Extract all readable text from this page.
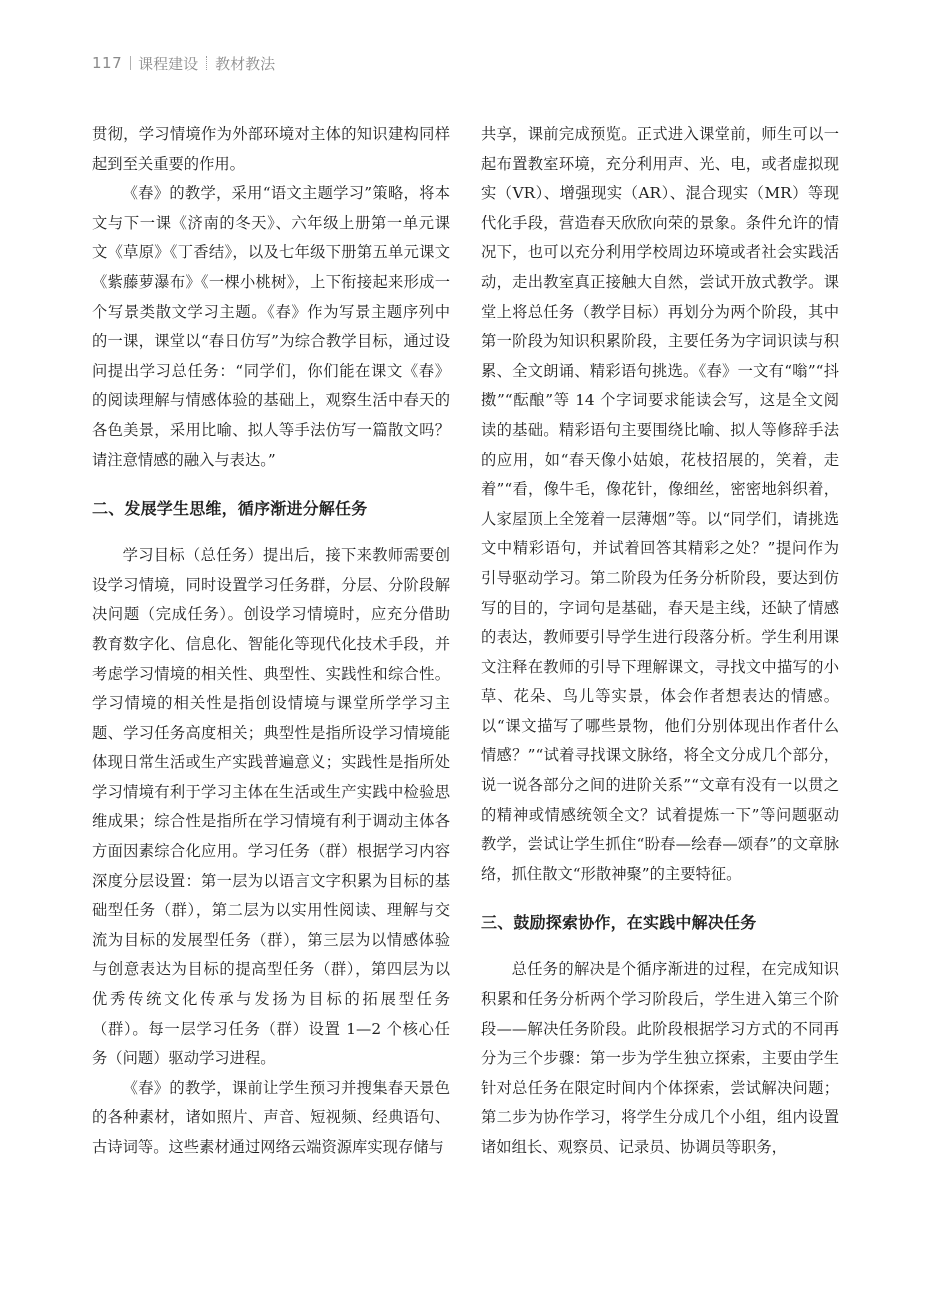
117 课程建设 教材教法

贯彻，学习情境作为外部环境对主体的知识建构同样起到至关重要的作用。

《春》的教学，采用“语文主题学习”策略，将本文与下一课《济南的冬天》、六年级上册第一单元课文《草原》《丁香结》，以及七年级下册第五单元课文《紫藤萝瀑布》《一棵小桃树》，上下衔接起来形成一个写景类散文学习主题。《春》作为写景主题序列中的一课，课堂以“春日仿写”为综合教学目标，通过设问提出学习总任务：“同学们，你们能在课文《春》的阅读理解与情感体验的基础上，观察生活中春天的各色美景，采用比喻、拟人等手法仿写一篇散文吗？请注意情感的融入与表达。”

二、发展学生思维，循序渐进分解任务

学习目标（总任务）提出后，接下来教师需要创设学习情境，同时设置学习任务群，分层、分阶段解决问题（完成任务）。创设学习情境时，应充分借助教育数字化、信息化、智能化等现代化技术手段，并考虑学习情境的相关性、典型性、实践性和综合性。学习情境的相关性是指创设情境与课堂所学学习主题、学习任务高度相关；典型性是指所设学习情境能体现日常生活或生产实践普遍意义；实践性是指所处学习情境有利于学习主体在生活或生产实践中检验思维成果；综合性是指所在学习情境有利于调动主体各方面因素综合化应用。学习任务（群）根据学习内容深度分层设置：第一层为以语言文字积累为目标的基础型任务（群），第二层为以实用性阅读、理解与交流为目标的发展型任务（群），第三层为以情感体验与创意表达为目标的提高型任务（群），第四层为以优秀传统文化传承与发扬为目标的拓展型任务（群）。每一层学习任务（群）设置 1—2 个核心任务（问题）驱动学习进程。

《春》的教学，课前让学生预习并搜集春天景色的各种素材，诸如照片、声音、短视频、经典语句、古诗词等。这些素材通过网络云端资源库实现存储与

共享，课前完成预览。正式进入课堂前，师生可以一起布置教室环境，充分利用声、光、电，或者虚拟现实（VR）、增强现实（AR）、混合现实（MR）等现代化手段，营造春天欣欣向荣的景象。条件允许的情况下，也可以充分利用学校周边环境或者社会实践活动，走出教室真正接触大自然，尝试开放式教学。课堂上将总任务（教学目标）再划分为两个阶段，其中第一阶段为知识积累阶段，主要任务为字词识读与积累、全文朗诵、精彩语句挑选。《春》一文有“嗡”“抖擞”“酝酿”等 14 个字词要求能读会写，这是全文阅读的基础。精彩语句主要围绕比喻、拟人等修辞手法的应用，如“春天像小姑娘，花枝招展的，笑着，走着”“看，像牛毛，像花针，像细丝，密密地斜织着，人家屋顶上全笼着一层薄烟”等。以“同学们，请挑选文中精彩语句，并试着回答其精彩之处？”提问作为引导驱动学习。第二阶段为任务分析阶段，要达到仿写的目的，字词句是基础，春天是主线，还缺了情感的表达，教师要引导学生进行段落分析。学生利用课文注释在教师的引导下理解课文，寻找文中描写的小草、花朵、鸟儿等实景，体会作者想表达的情感。以“课文描写了哪些景物，他们分别体现出作者什么情感？”“试着寻找课文脉络，将全文分成几个部分，说一说各部分之间的进阶关系”“文章有没有一以贯之的精神或情感统领全文？试着提炼一下”等问题驱动教学，尝试让学生抓住“盼春—绘春—颂春”的文章脉络，抓住散文“形散神聚”的主要特征。

三、鼓励探索协作，在实践中解决任务

总任务的解决是个循序渐进的过程，在完成知识积累和任务分析两个学习阶段后，学生进入第三个阶段——解决任务阶段。此阶段根据学习方式的不同再分为三个步骤：第一步为学生独立探索，主要由学生针对总任务在限定时间内个体探索，尝试解决问题；第二步为协作学习，将学生分成几个小组，组内设置诸如组长、观察员、记录员、协调员等职务，
